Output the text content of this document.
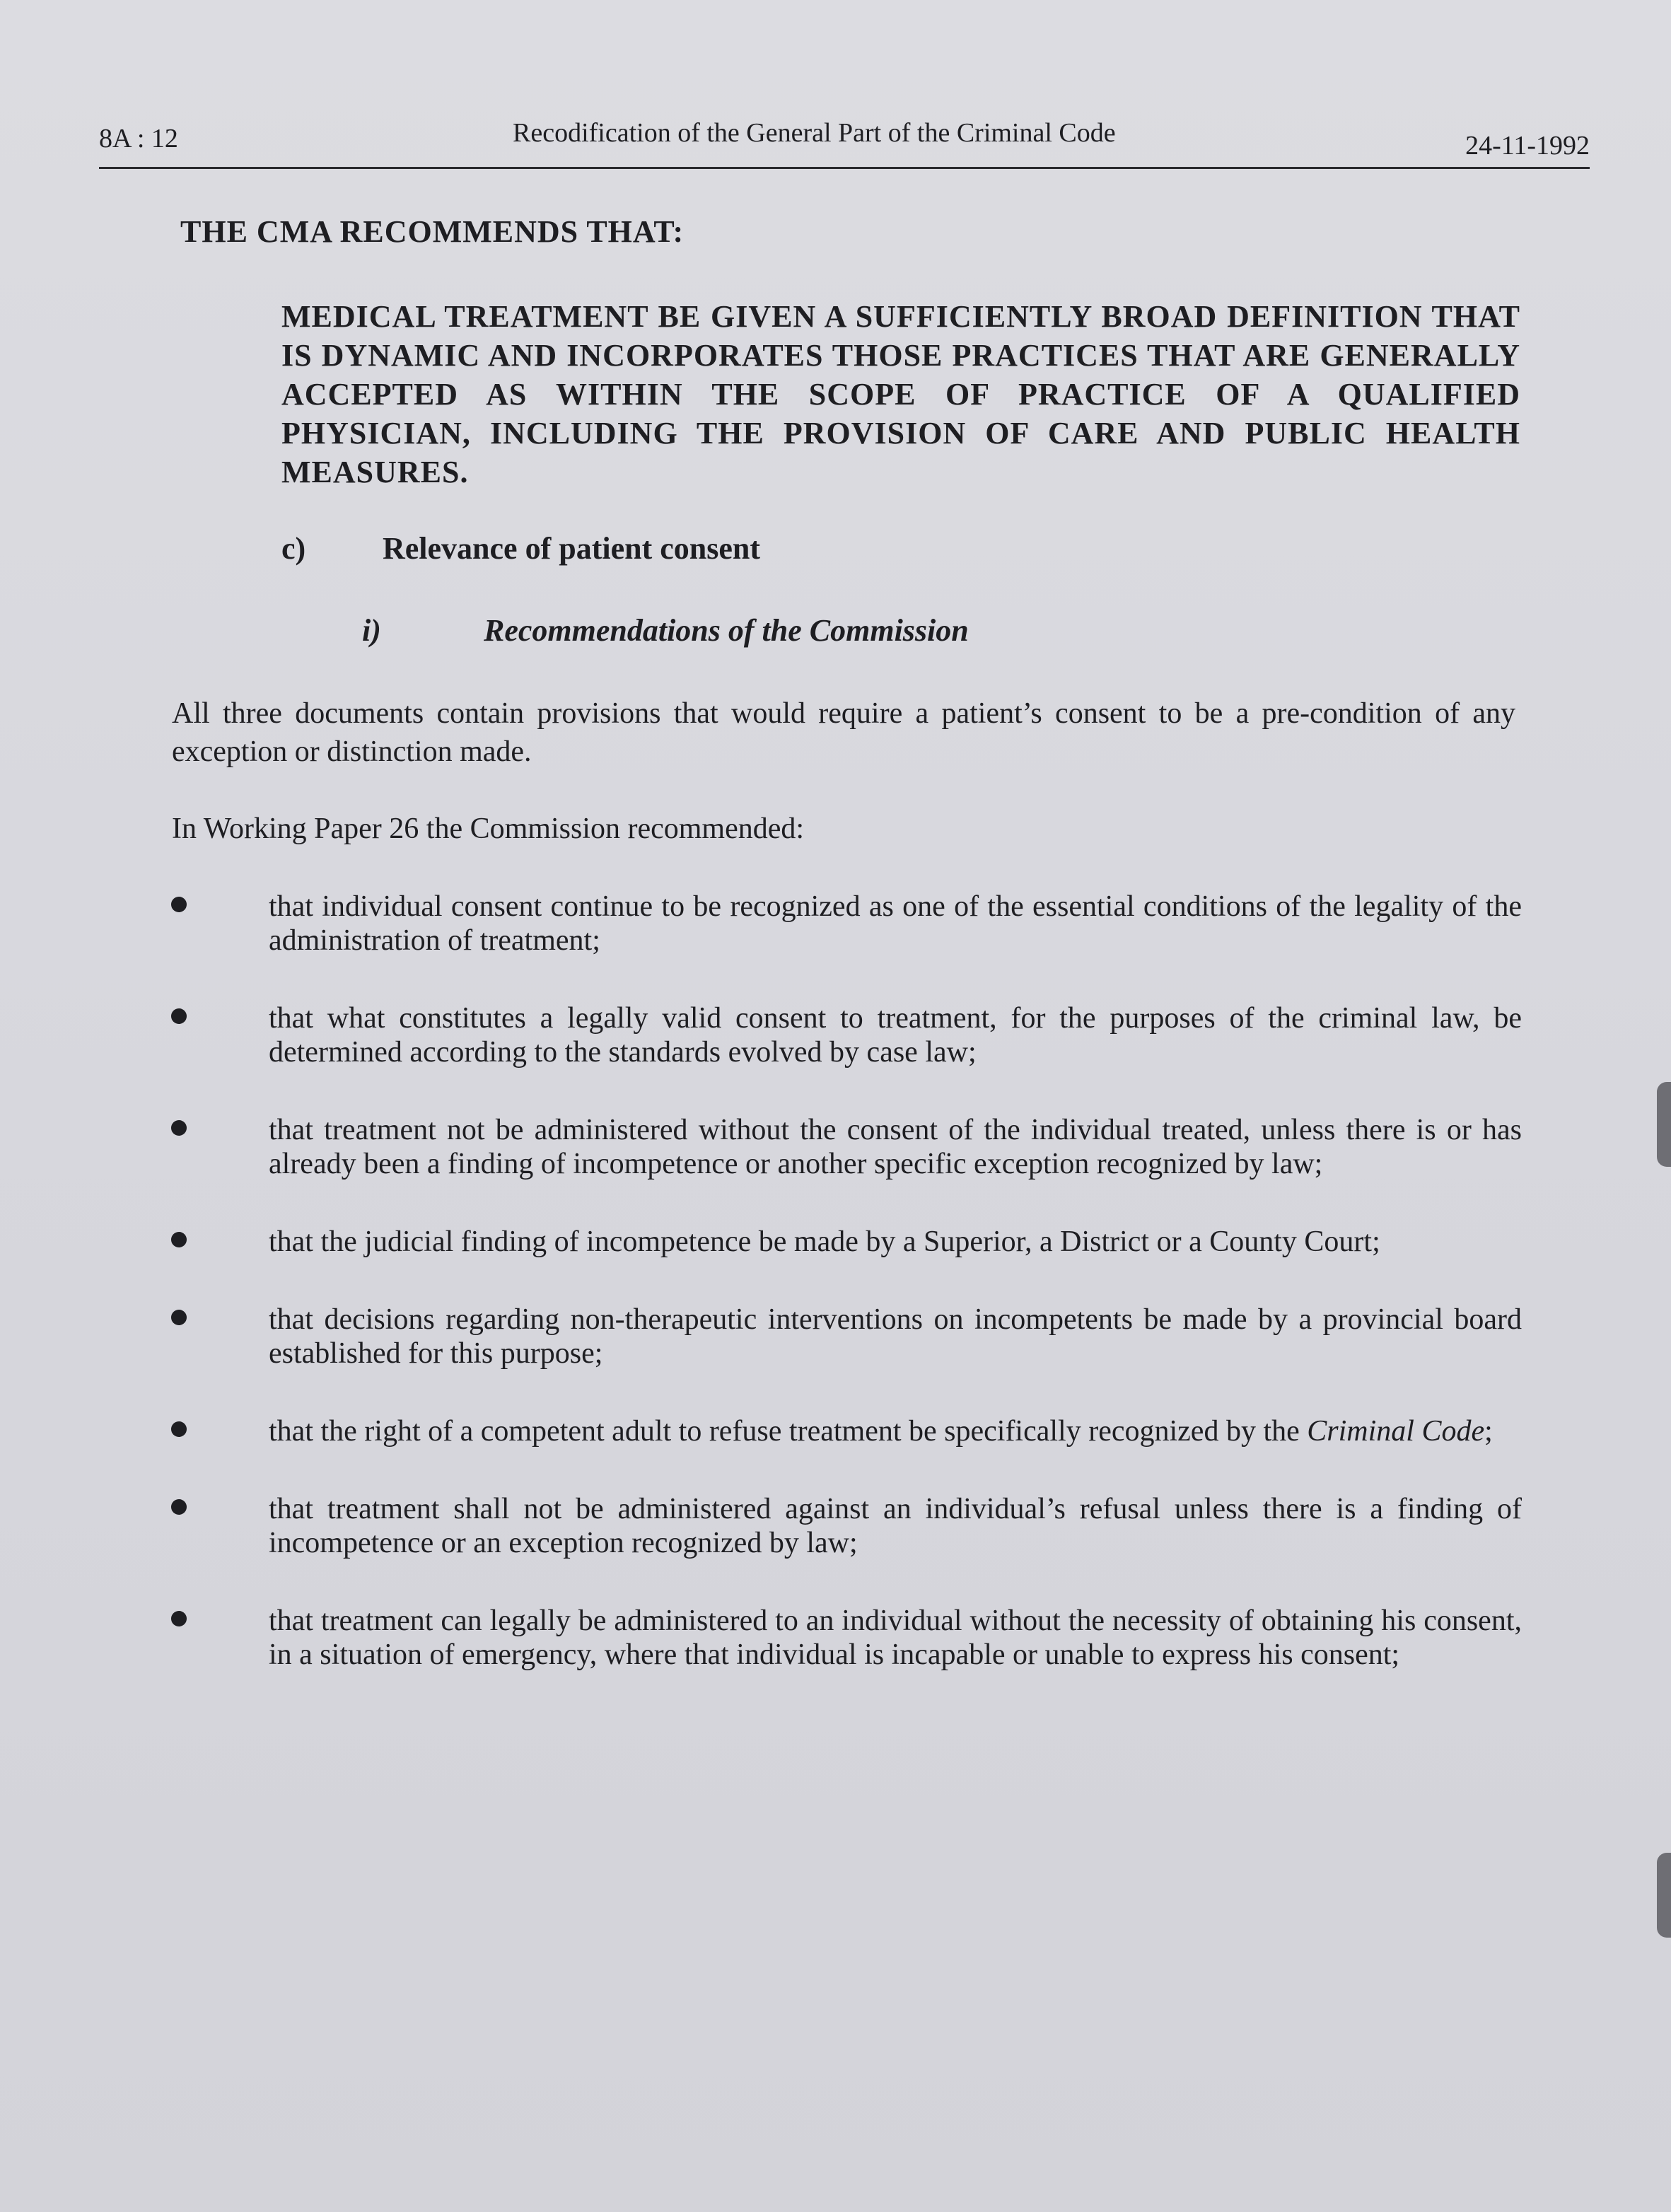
8A : 12	Recodification of the General Part of the Criminal Code	24-11-1992
THE CMA RECOMMENDS THAT:
MEDICAL TREATMENT BE GIVEN A SUFFICIENTLY BROAD DEFINITION THAT IS DYNAMIC AND INCORPORATES THOSE PRACTICES THAT ARE GENERALLY ACCEPTED AS WITHIN THE SCOPE OF PRACTICE OF A QUALIFIED PHYSICIAN, INCLUDING THE PROVISION OF CARE AND PUBLIC HEALTH MEASURES.
c) Relevance of patient consent
i)	Recommendations of the Commission
All three documents contain provisions that would require a patient’s consent to be a pre-condition of any exception or distinction made.
In Working Paper 26 the Commission recommended:
that individual consent continue to be recognized as one of the essential conditions of the legality of the administration of treatment;
that what constitutes a legally valid consent to treatment, for the purposes of the criminal law, be determined according to the standards evolved by case law;
that treatment not be administered without the consent of the individual treated, unless there is or has already been a finding of incompetence or another specific exception recognized by law;
that the judicial finding of incompetence be made by a Superior, a District or a County Court;
that decisions regarding non-therapeutic interventions on incompetents be made by a provincial board established for this purpose;
that the right of a competent adult to refuse treatment be specifically recognized by the Criminal Code;
that treatment shall not be administered against an individual’s refusal unless there is a finding of incompetence or an exception recognized by law;
that treatment can legally be administered to an individual without the necessity of obtaining his consent, in a situation of emergency, where that individual is incapable or unable to express his consent;
